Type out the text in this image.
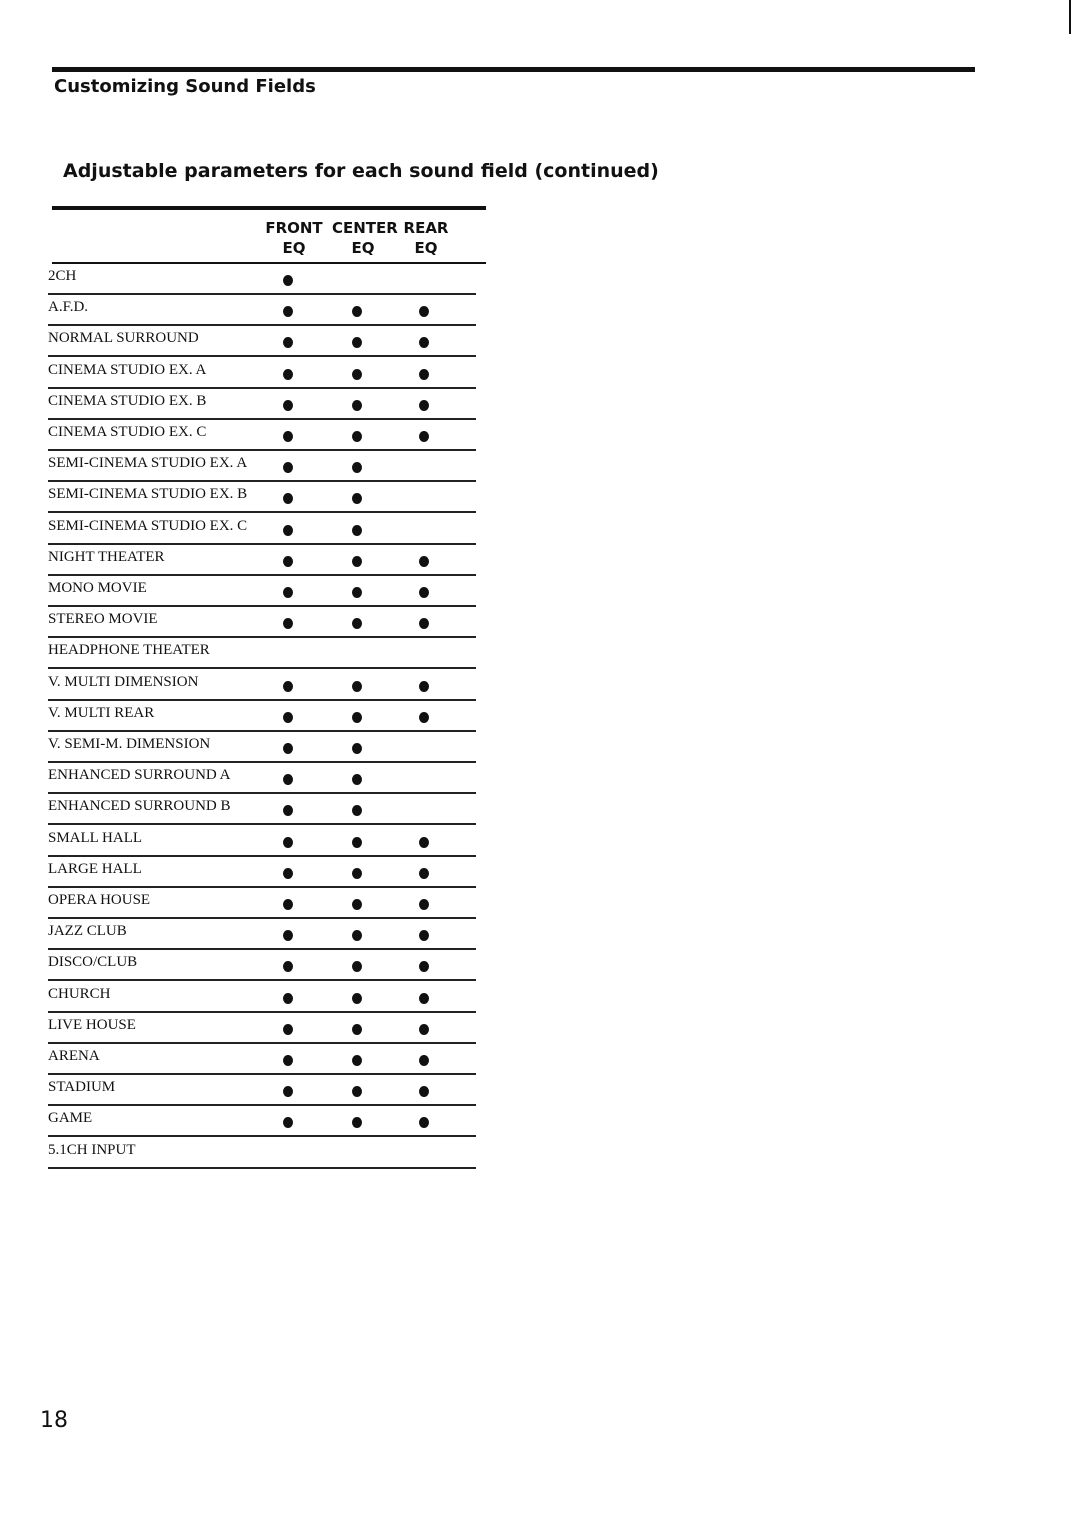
Customizing Sound Fields
Adjustable parameters for each sound field (continued)
FRONT
EQ
CENTER
EQ
REAR
EQ
2CH
A.F.D.
NORMAL SURROUND
CINEMA STUDIO EX. A
CINEMA STUDIO EX. B
CINEMA STUDIO EX. C
SEMI-CINEMA STUDIO EX. A
SEMI-CINEMA STUDIO EX. B
SEMI-CINEMA STUDIO EX. C
NIGHT THEATER
MONO MOVIE
STEREO MOVIE
HEADPHONE THEATER
V. MULTI DIMENSION
V. MULTI REAR
V. SEMI-M. DIMENSION
ENHANCED SURROUND A
ENHANCED SURROUND B
SMALL HALL
LARGE HALL
OPERA HOUSE
JAZZ CLUB
DISCO/CLUB
CHURCH
LIVE HOUSE
ARENA
STADIUM
GAME
5.1CH INPUT
18
